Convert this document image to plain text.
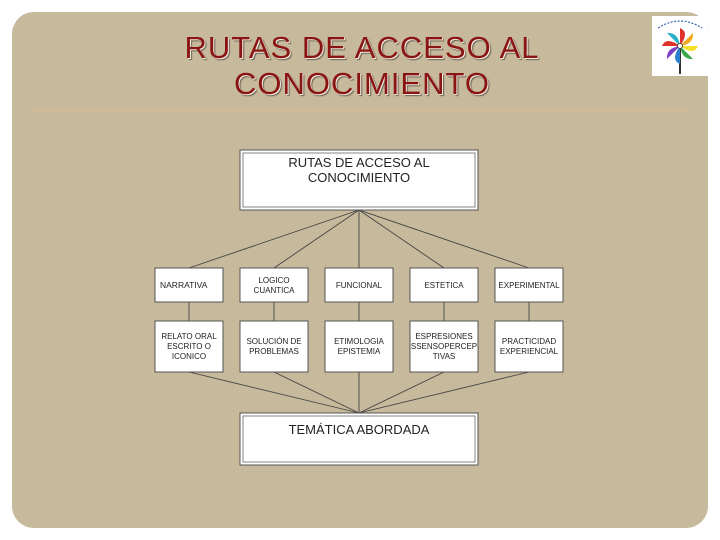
RUTAS DE ACCESO AL
CONOCIMIENTO
RUTAS DE ACCESO AL
CONOCIMIENTO
NARRATIVA
RELATO ORAL
ESCRITO O
ICONICO
LOGICO
CUANTICA
SOLUCIÓN DE
PROBLEMAS
FUNCIONAL
ETIMOLOGIA
EPISTEMIA
ESTETICA
ESPRESIONES
SSENSOPERCEP
TIVAS
EXPERIMENTAL
PRACTICIDAD
EXPERIENCIAL
TEMÁTICA ABORDADA
